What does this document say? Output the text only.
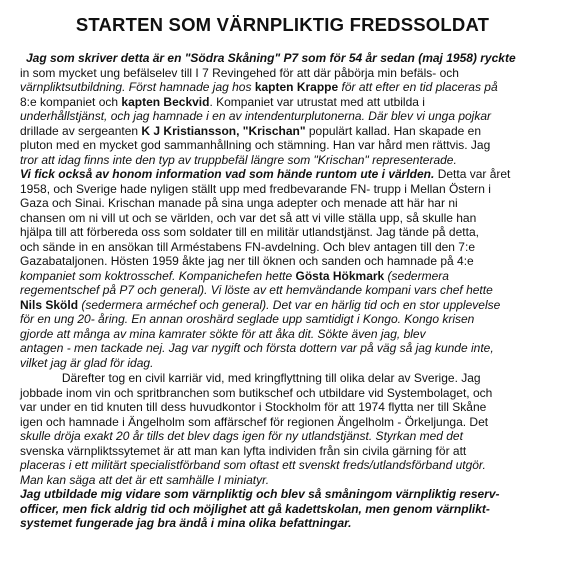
STARTEN SOM VÄRNPLIKTIG FREDSSOLDAT
Jag som skriver detta är en "Södra Skåning" P7 som för 54 år sedan (maj 1958) ryckte
in som mycket ung befälselev till I 7 Revingehed för att där påbörja min befäls- och
värnpliktsutbildning. Först hamnade jag hos kapten Krappe för att efter en tid placeras på
8:e kompaniet och kapten Beckvid. Kompaniet var utrustat med att utbilda i
underhållstjänst, och jag hamnade i en av intendenturplutonerna. Där blev vi unga pojkar
drillade av sergeanten K J Kristiansson, "Krischan" populärt kallad. Han skapade en
pluton med en mycket god sammanhållning och stämning. Han var hård men rättvis. Jag
tror att idag finns inte den typ av truppbefäl längre som "Krischan" representerade.
Vi fick också av honom information vad som hände runtom ute i världen. Detta var året
1958, och Sverige hade nyligen ställt upp med fredbevarande FN- trupp i Mellan Östern i
Gaza och Sinai. Krischan manade på sina unga adepter och menade att här har ni
chansen om ni vill ut och se världen, och var det så att vi ville ställa upp, så skulle han
hjälpa till att förbereda oss som soldater till en militär utlandstjänst. Jag tände på detta,
och sände in en ansökan till Arméstabens FN-avdelning. Och blev antagen till den 7:e
Gazabataljonen. Hösten 1959 åkte jag ner till öknen och sanden och hamnade på 4:e
kompaniet som koktrosschef. Kompanichefen hette Gösta Hökmark (sedermera
regementschef på P7 och general). Vi löste av ett hemvändande kompani vars chef hette
Nils Sköld (sedermera arméchef och general). Det var en härlig tid och en stor upplevelse
för en ung 20- åring. En annan oroshärd seglade upp samtidigt i Kongo. Kongo krisen
gjorde att många av mina kamrater sökte för att åka dit. Sökte även jag, blev
antagen - men tackade nej. Jag var nygift och första dottern var på väg så jag kunde inte,
vilket jag är glad för idag.
Därefter tog en civil karriär vid, med kringflyttning till olika delar av Sverige. Jag
jobbade inom vin och spritbranchen som butikschef och utbildare vid Systembolaget, och
var under en tid knuten till dess huvudkontor i Stockholm för att 1974 flytta ner till Skåne
igen och hamnade i Ängelholm som affärschef för regionen Ängelholm - Örkeljunga. Det
skulle dröja exakt 20 år tills det blev dags igen för ny utlandstjänst. Styrkan med det
svenska värnpliktssytemet är att man kan lyfta individen från sin civila gärning för att
placeras i ett militärt specialistförband som oftast ett svenskt freds/utlandsförband utgör.
Man kan säga att det är ett samhälle I miniatyr.
Jag utbildade mig vidare som värnpliktig och blev så småningom värnpliktig reserv-
officer, men fick aldrig tid och möjlighet att gå kadettskolan, men genom värnplikt-
systemet fungerade jag bra ändå i mina olika befattningar.
